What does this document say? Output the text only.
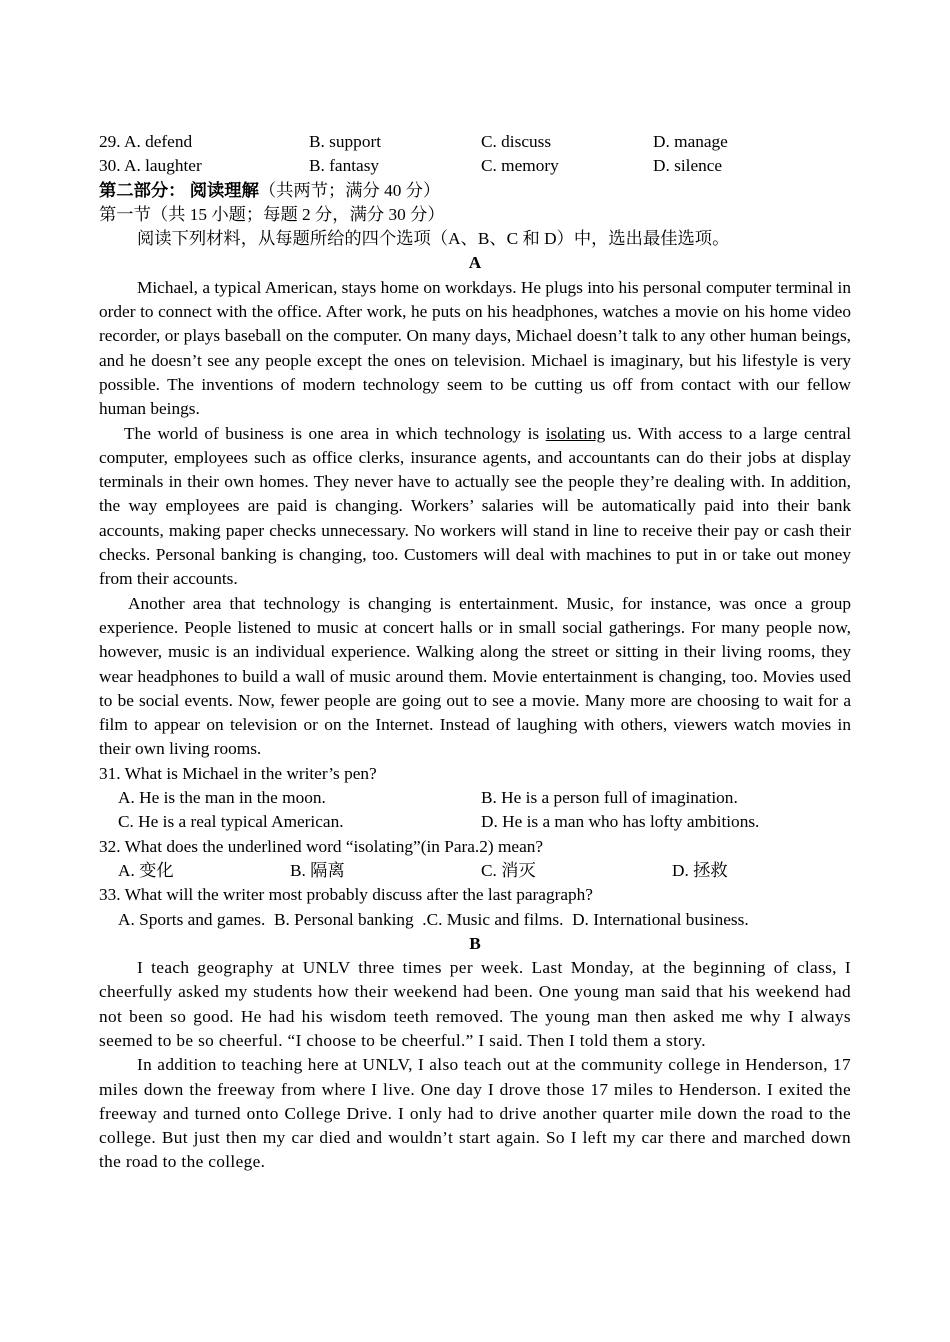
29. A. defend	B. support	C. discuss	D. manage
30. A. laughter	B. fantasy	C. memory	D. silence
第二部分： 阅读理解（共两节；满分 40 分）
第一节（共 15 小题；每题 2 分，满分 30 分）
阅读下列材料，从每题所给的四个选项（A、B、C 和 D）中，选出最佳选项。
A

Michael, a typical American, stays home on workdays. He plugs into his personal computer terminal in order to connect with the office. After work, he puts on his headphones, watches a movie on his home video recorder, or plays baseball on the computer. On many days, Michael doesn’t talk to any other human beings, and he doesn’t see any people except the ones on television. Michael is imaginary, but his lifestyle is very possible. The inventions of modern technology seem to be cutting us off from contact with our fellow human beings.

The world of business is one area in which technology is isolating us. With access to a large central computer, employees such as office clerks, insurance agents, and accountants can do their jobs at display terminals in their own homes. They never have to actually see the people they’re dealing with. In addition, the way employees are paid is changing. Workers’ salaries will be automatically paid into their bank accounts, making paper checks unnecessary. No workers will stand in line to receive their pay or cash their checks. Personal banking is changing, too. Customers will deal with machines to put in or take out money from their accounts.

Another area that technology is changing is entertainment. Music, for instance, was once a group experience. People listened to music at concert halls or in small social gatherings. For many people now, however, music is an individual experience. Walking along the street or sitting in their living rooms, they wear headphones to build a wall of music around them. Movie entertainment is changing, too. Movies used to be social events. Now, fewer people are going out to see a movie. Many more are choosing to wait for a film to appear on television or on the Internet. Instead of laughing with others, viewers watch movies in their own living rooms.

31. What is Michael in the writer’s pen?
A. He is the man in the moon.	B. He is a person full of imagination.
C. He is a real typical American.	D. He is a man who has lofty ambitions.
32. What does the underlined word “isolating”(in Para.2) mean?
A. 变化	B. 隔离	C. 消灭	D. 拯救
33. What will the writer most probably discuss after the last paragraph?
A. Sports and games.  B. Personal banking  .C. Music and films.  D. International business.
B

I teach geography at UNLV three times per week. Last Monday, at the beginning of class, I cheerfully asked my students how their weekend had been. One young man said that his weekend had not been so good. He had his wisdom teeth removed. The young man then asked me why I always seemed to be so cheerful. “I choose to be cheerful.” I said. Then I told them a story.

In addition to teaching here at UNLV, I also teach out at the community college in Henderson, 17 miles down the freeway from where I live. One day I drove those 17 miles to Henderson. I exited the freeway and turned onto College Drive. I only had to drive another quarter mile down the road to the college. But just then my car died and wouldn’t start again. So I left my car there and marched down the road to the college.
